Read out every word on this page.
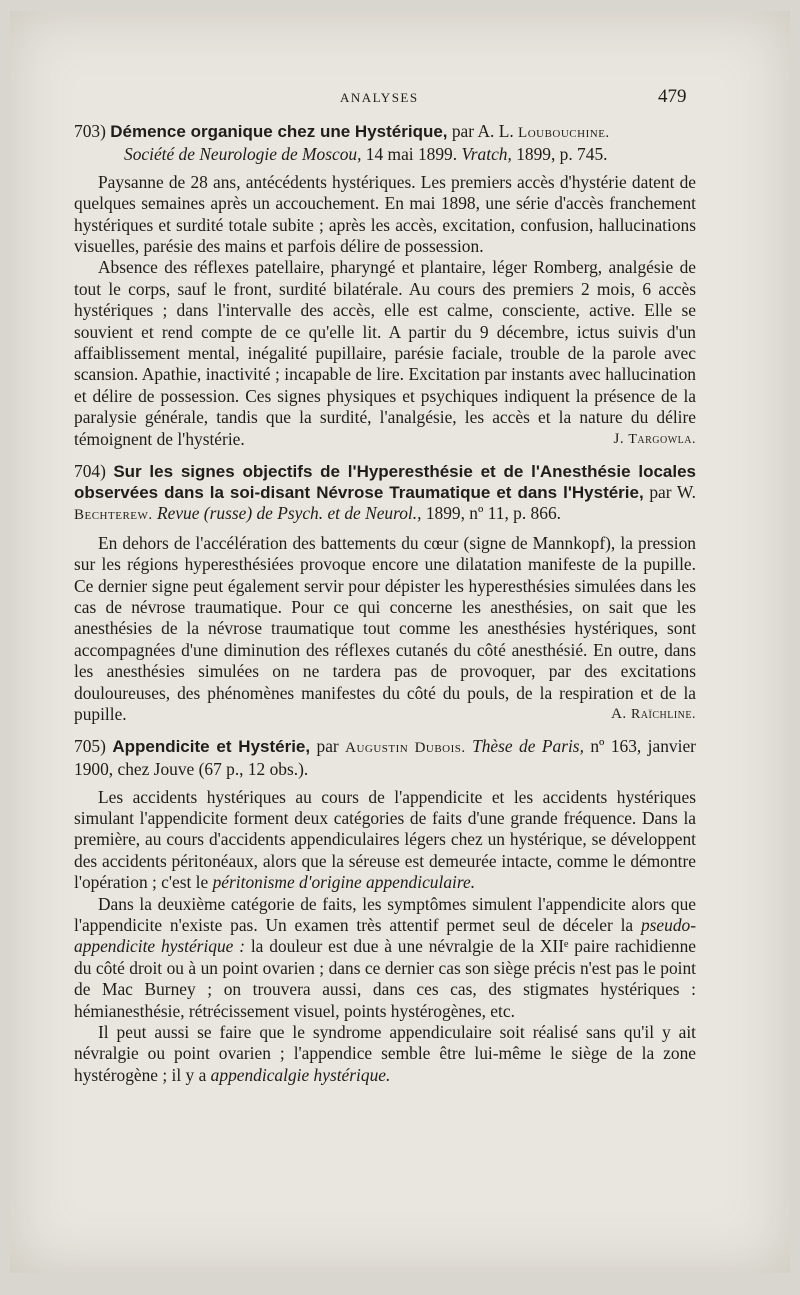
ANALYSES	479
703) Démence organique chez une Hystérique, par A. L. Loubouchine.
Société de Neurologie de Moscou, 14 mai 1899. Vratch, 1899, p. 745.

Paysanne de 28 ans, antécédents hystériques. Les premiers accès d'hystérie datent de quelques semaines après un accouchement. En mai 1898, une série d'accès franchement hystériques et surdité totale subite ; après les accès, excitation, confusion, hallucinations visuelles, parésie des mains et parfois délire de possession.

Absence des réflexes patellaire, pharyngé et plantaire, léger Romberg, analgésie de tout le corps, sauf le front, surdité bilatérale. Au cours des premiers 2 mois, 6 accès hystériques ; dans l'intervalle des accès, elle est calme, consciente, active. Elle se souvient et rend compte de ce qu'elle lit. A partir du 9 décembre, ictus suivis d'un affaiblissement mental, inégalité pupillaire, parésie faciale, trouble de la parole avec scansion. Apathie, inactivité ; incapable de lire. Excitation par instants avec hallucination et délire de possession. Ces signes physiques et psychiques indiquent la présence de la paralysie générale, tandis que la surdité, l'analgésie, les accès et la nature du délire témoignent de l'hystérie.	J. Targowla.
704) Sur les signes objectifs de l'Hyperesthésie et de l'Anesthésie locales observées dans la soi-disant Névrose Traumatique et dans l'Hystérie, par W. Bechterew. Revue (russe) de Psych. et de Neurol., 1899, nº 11, p. 866.

En dehors de l'accélération des battements du cœur (signe de Mannkopf), la pression sur les régions hyperesthésiées provoque encore une dilatation manifeste de la pupille. Ce dernier signe peut également servir pour dépister les hyperesthésies simulées dans les cas de névrose traumatique. Pour ce qui concerne les anesthésies, on sait que les anesthésies de la névrose traumatique tout comme les anesthésies hystériques, sont accompagnées d'une diminution des réflexes cutanés du côté anesthésié. En outre, dans les anesthésies simulées on ne tardera pas de provoquer, par des excitations douloureuses, des phénomènes manifestes du côté du pouls, de la respiration et de la pupille.	A. Raïchline.
705) Appendicite et Hystérie, par Augustin Dubois. Thèse de Paris, nº 163, janvier 1900, chez Jouve (67 p., 12 obs.).

Les accidents hystériques au cours de l'appendicite et les accidents hystériques simulant l'appendicite forment deux catégories de faits d'une grande fréquence. Dans la première, au cours d'accidents appendiculaires légers chez un hystérique, se développent des accidents péritonéaux, alors que la séreuse est demeurée intacte, comme le démontre l'opération ; c'est le péritonisme d'origine appendiculaire.

Dans la deuxième catégorie de faits, les symptômes simulent l'appendicite alors que l'appendicite n'existe pas. Un examen très attentif permet seul de déceler la pseudo-appendicite hystérique : la douleur est due à une névralgie de la XIIᵉ paire rachidienne du côté droit ou à un point ovarien ; dans ce dernier cas son siège précis n'est pas le point de Mac Burney ; on trouvera aussi, dans ces cas, des stigmates hystériques : hémianesthésie, rétrécissement visuel, points hystérogènes, etc.

Il peut aussi se faire que le syndrome appendiculaire soit réalisé sans qu'il y ait névralgie ou point ovarien ; l'appendice semble être lui-même le siège de la zone hystérogène ; il y a appendicalgie hystérique.
